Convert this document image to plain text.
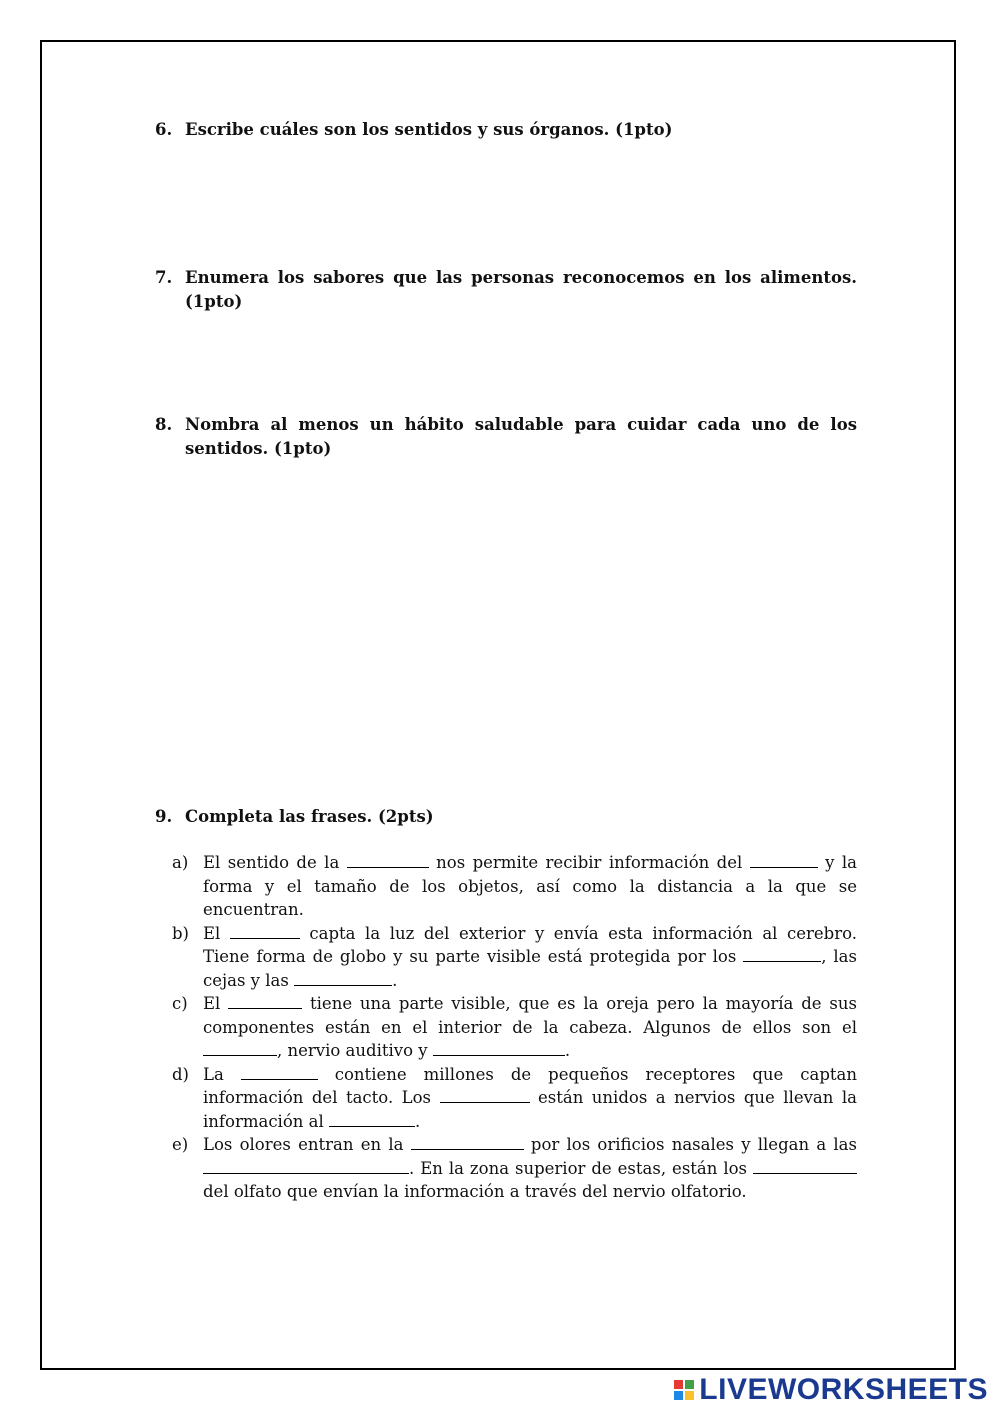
6. Escribe cuáles son los sentidos y sus órganos. (1pto)
7. Enumera los sabores que las personas reconocemos en los alimentos. (1pto)
8. Nombra al menos un hábito saludable para cuidar cada uno de los sentidos. (1pto)
9. Completa las frases. (2pts)
a) El sentido de la	nos permite recibir información del	y la forma y el tamaño de los objetos, así como la distancia a la que se encuentran.
b) El	capta la luz del exterior y envía esta información al cerebro. Tiene forma de globo y su parte visible está protegida por los	, las cejas y las	.
c) El	tiene una parte visible, que es la oreja pero la mayoría de sus componentes están en el interior de la cabeza. Algunos de ellos son el , nervio auditivo y	.
d) La	contiene millones de pequeños receptores que captan información del tacto. Los	están unidos a nervios que llevan la información al	.
e) Los olores entran en la	por los orificios nasales y llegan a las . En la zona superior de estas, están los  del olfato que envían la información a través del nervio olfatorio.
LIVEWORKSHEETS
